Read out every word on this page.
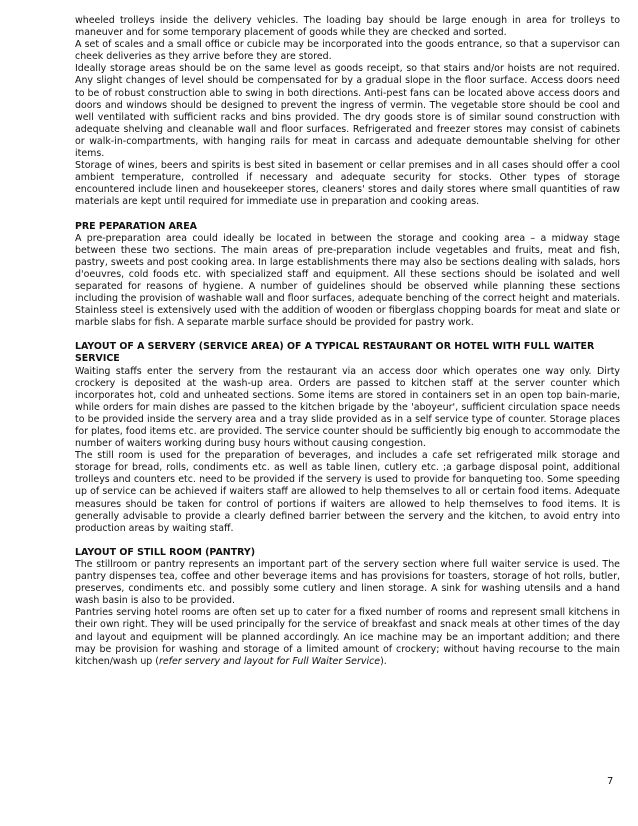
wheeled trolleys inside the delivery vehicles. The loading bay should be large enough in area for trolleys to maneuver and for some temporary placement of goods while they are checked and sorted.

A set of scales and a small office or cubicle may be incorporated into the goods entrance, so that a supervisor can cheek deliveries as they arrive before they are stored.

Ideally storage areas should be on the same level as goods receipt, so that stairs and/or hoists are not required. Any slight changes of level should be compensated for by a gradual slope in the floor surface. Access doors need to be of robust construction able to swing in both directions. Anti-pest fans can be located above access doors and doors and windows should be designed to prevent the ingress of vermin. The vegetable store should be cool and well ventilated with sufficient racks and bins provided. The dry goods store is of similar sound construction with adequate shelving and cleanable wall and floor surfaces. Refrigerated and freezer stores may consist of cabinets or walk-in-compartments, with hanging rails for meat in carcass and adequate demountable shelving for other items.

Storage of wines, beers and spirits is best sited in basement or cellar premises and in all cases should offer a cool ambient temperature, controlled if necessary and adequate security for stocks. Other types of storage encountered include linen and housekeeper stores, cleaners' stores and daily stores where small quantities of raw materials are kept until required for immediate use in preparation and cooking areas.

PRE PEPARATION AREA

A pre-preparation area could ideally be located in between the storage and cooking area – a midway stage between these two sections. The main areas of pre-preparation include vegetables and fruits, meat and fish, pastry, sweets and post cooking area. In large establishments there may also be sections dealing with salads, hors d'oeuvres, cold foods etc. with specialized staff and equipment. All these sections should be isolated and well separated for reasons of hygiene. A number of guidelines should be observed while planning these sections including the provision of washable wall and floor surfaces, adequate benching of the correct height and materials. Stainless steel is extensively used with the addition of wooden or fiberglass chopping boards for meat and slate or marble slabs for fish. A separate marble surface should be provided for pastry work.

LAYOUT OF A SERVERY (SERVICE AREA) OF A TYPICAL RESTAURANT OR HOTEL WITH FULL WAITER SERVICE

Waiting staffs enter the servery from the restaurant via an access door which operates one way only. Dirty crockery is deposited at the wash-up area. Orders are passed to kitchen staff at the server counter which incorporates hot, cold and unheated sections. Some items are stored in containers set in an open top bain-marie, while orders for main dishes are passed to the kitchen brigade by the 'aboyeur', sufficient circulation space needs to be provided inside the servery area and a tray slide provided as in a self service type of counter. Storage places for plates, food items etc. are provided. The service counter should be sufficiently big enough to accommodate the number of waiters working during busy hours without causing congestion.

The still room is used for the preparation of beverages, and includes a cafe set refrigerated milk storage and storage for bread, rolls, condiments etc. as well as table linen, cutlery etc. ;a garbage disposal point, additional trolleys and counters etc. need to be provided if the servery is used to provide for banqueting too. Some speeding up of service can be achieved if waiters staff are allowed to help themselves to all or certain food items. Adequate measures should be taken for control of portions if waiters are allowed to help themselves to food items. It is generally advisable to provide a clearly defined barrier between the servery and the kitchen, to avoid entry into production areas by waiting staff.

LAYOUT OF STILL ROOM (PANTRY)

The stillroom or pantry represents an important part of the servery section where full waiter service is used. The pantry dispenses tea, coffee and other beverage items and has provisions for toasters, storage of hot rolls, butler, preserves, condiments etc. and possibly some cutlery and linen storage. A sink for washing utensils and a hand wash basin is also to be provided.

Pantries serving hotel rooms are often set up to cater for a fixed number of rooms and represent small kitchens in their own right. They will be used principally for the service of breakfast and snack meals at other times of the day and layout and equipment will be planned accordingly. An ice machine may be an important addition; and there may be provision for washing and storage of a limited amount of crockery; without having recourse to the main kitchen/wash up (refer servery and layout for Full Waiter Service).

7
